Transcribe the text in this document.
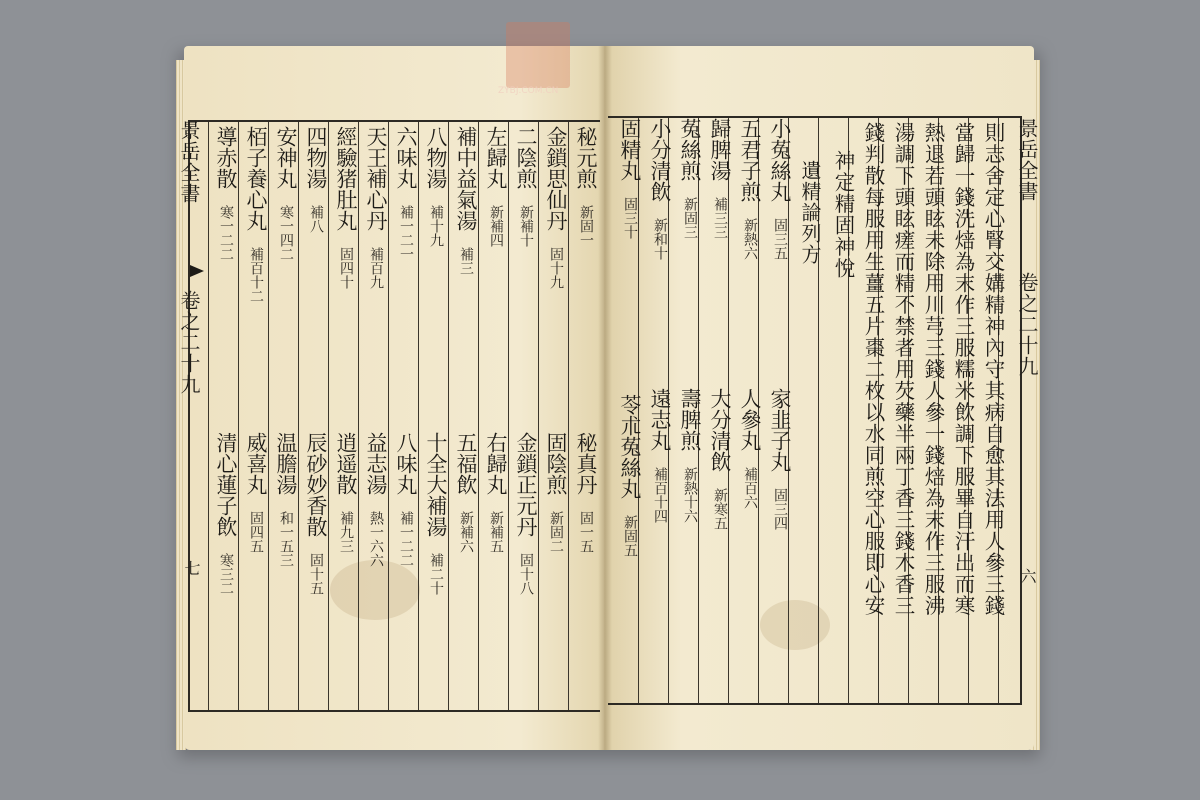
ZYBJ.COM.CN
秘元煎 新固一
秘真丹 固一五
金鎖思仙丹 固十九
固陰煎 新固二
二陰煎 新補十
金鎖正元丹 固十八
左歸丸 新補四
右歸丸 新補五
補中益氣湯 補三
五福飲 新補六
八物湯 補十九
十全大補湯 補二十
六味丸 補一二一
八味丸 補一二二
天王補心丹 補百九
益志湯 熱一六六
經驗猪肚丸 固四十
逍遥散 補九三
四物湯 補八
辰砂妙香散 固十五
安神丸 寒一四二
温膽湯 和一五三
栢子養心丸 補百十二
威喜丸 固四五
導赤散 寒一二二
清心蓮子飲 寒三二
景岳全書
卷之二十九
七
景岳全書
卷之二十九
六
則志舍定心腎交媾精神內守其病自愈其法用人參三錢
當歸一錢洗焙為末作三服糯米飲調下服畢自汗出而寒
熱退若頭眩未除用川芎三錢人參一錢焙為末作三服沸
湯調下頭眩瘥而精不禁者用芡藥半兩丁香三錢木香三
錢判散每服用生薑五片棗二枚以水同煎空心服即心安
神定精固神悅
遺精論列方
小菟絲丸 固三五
家韭子丸 固三四
五君子煎 新熱六
人參丸 補百六
歸脾湯 補三三
大分清飲 新寒五
菟絲煎 新固三
壽脾煎 新熱十六
小分清飲 新和十
遠志丸 補百十四
固精丸 固三十
苓朮菟絲丸 新固五
